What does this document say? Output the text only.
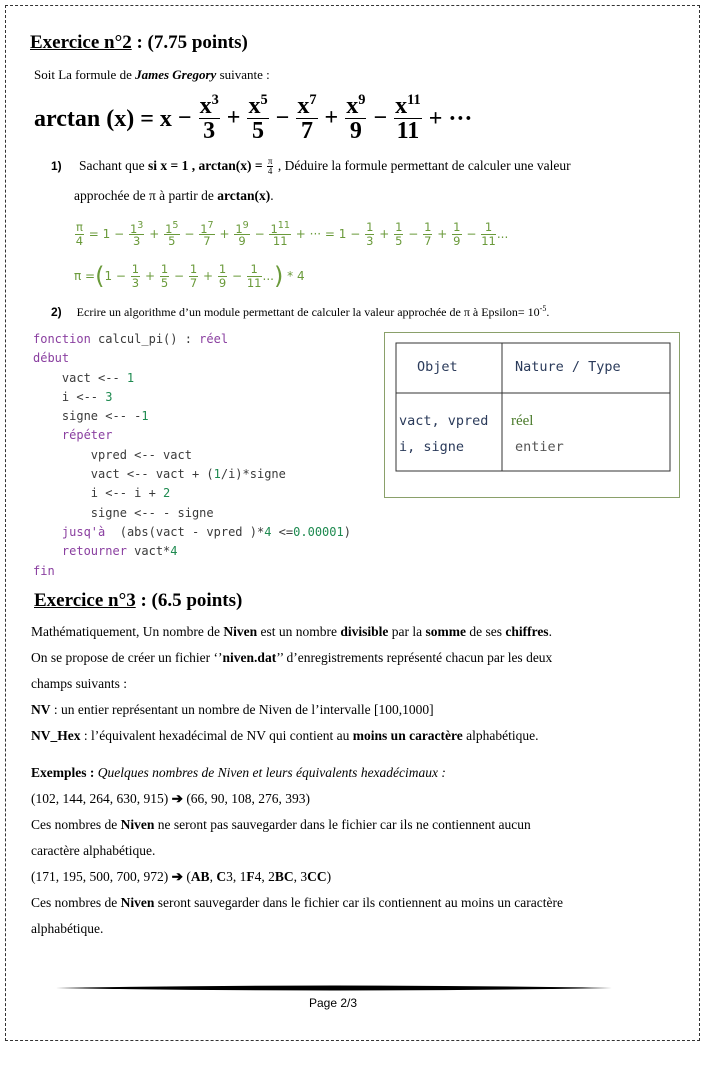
Exercice n°2 : (7.75 points)
Soit La formule de James Gregory suivante :
$\arctan (x) = x - \frac{x^3}{3} + \frac{x^5}{5} - \frac{x^7}{7} + \frac{x^9}{9} - \frac{x^{11}}{11}$ + ···
1) Sachant que si x = 1 , $\arctan(x) = \frac{\pi}{4}$ , Déduire la formule permettant de calculer une valeur
approchée de π à partir de arctan(x).
$\frac{\pi}{4} = 1 - \frac{1^3}{3} + \frac{1^5}{5} - \frac{1^7}{7} + \frac{1^9}{9} - \frac{1^{11}}{11}$ + ··· = $1 - \frac{1}{3} + \frac{1}{5} - \frac{1}{7} + \frac{1}{9} - \frac{1}{11}$ ...
π = ( $1 - \frac{1}{3} + \frac{1}{5} - \frac{1}{7} + \frac{1}{9} - \frac{1}{11}$ ... ) * 4
2) Ecrire un algorithme d’un module permettant de calculer la valeur approchée de π à Epsilon= $10^{-5}$.
fonction calcul_pi() : réel
début
vact <-- 1
i <-- 3
signe <-- -1
répéter
vpred <-- vact
vact <-- vact + (1/i)*signe
i <-- i + 2
signe <-- - signe
jusq'à  (abs(vact - vpred )*4 <=0.00001)
retourner vact*4
fin
Objet	Nature / Type
vact, vpred réel
i, signe	entier
Exercice n°3 : (6.5 points)
Mathématiquement, Un nombre de Niven est un nombre divisible par la somme de ses chiffres.
On se propose de créer un fichier ‘’niven.dat’’ d’enregistrements représenté chacun par les deux
champs suivants :
NV : un entier représentant un nombre de Niven de l’intervalle [100,1000]
NV_Hex : l’équivalent hexadécimal de NV qui contient au moins un caractère alphabétique.
Exemples : Quelques nombres de Niven et leurs équivalents hexadécimaux :
(102, 144, 264, 630, 915) ➔ (66, 90, 108, 276, 393)
Ces nombres de Niven ne seront pas sauvegarder dans le fichier car ils ne contiennent aucun
caractère alphabétique.
(171, 195, 500, 700, 972) ➔ (AB, C3, 1F4, 2BC, 3CC)
Ces nombres de Niven seront sauvegarder dans le fichier car ils contiennent au moins un caractère
alphabétique.
Page 2/3
